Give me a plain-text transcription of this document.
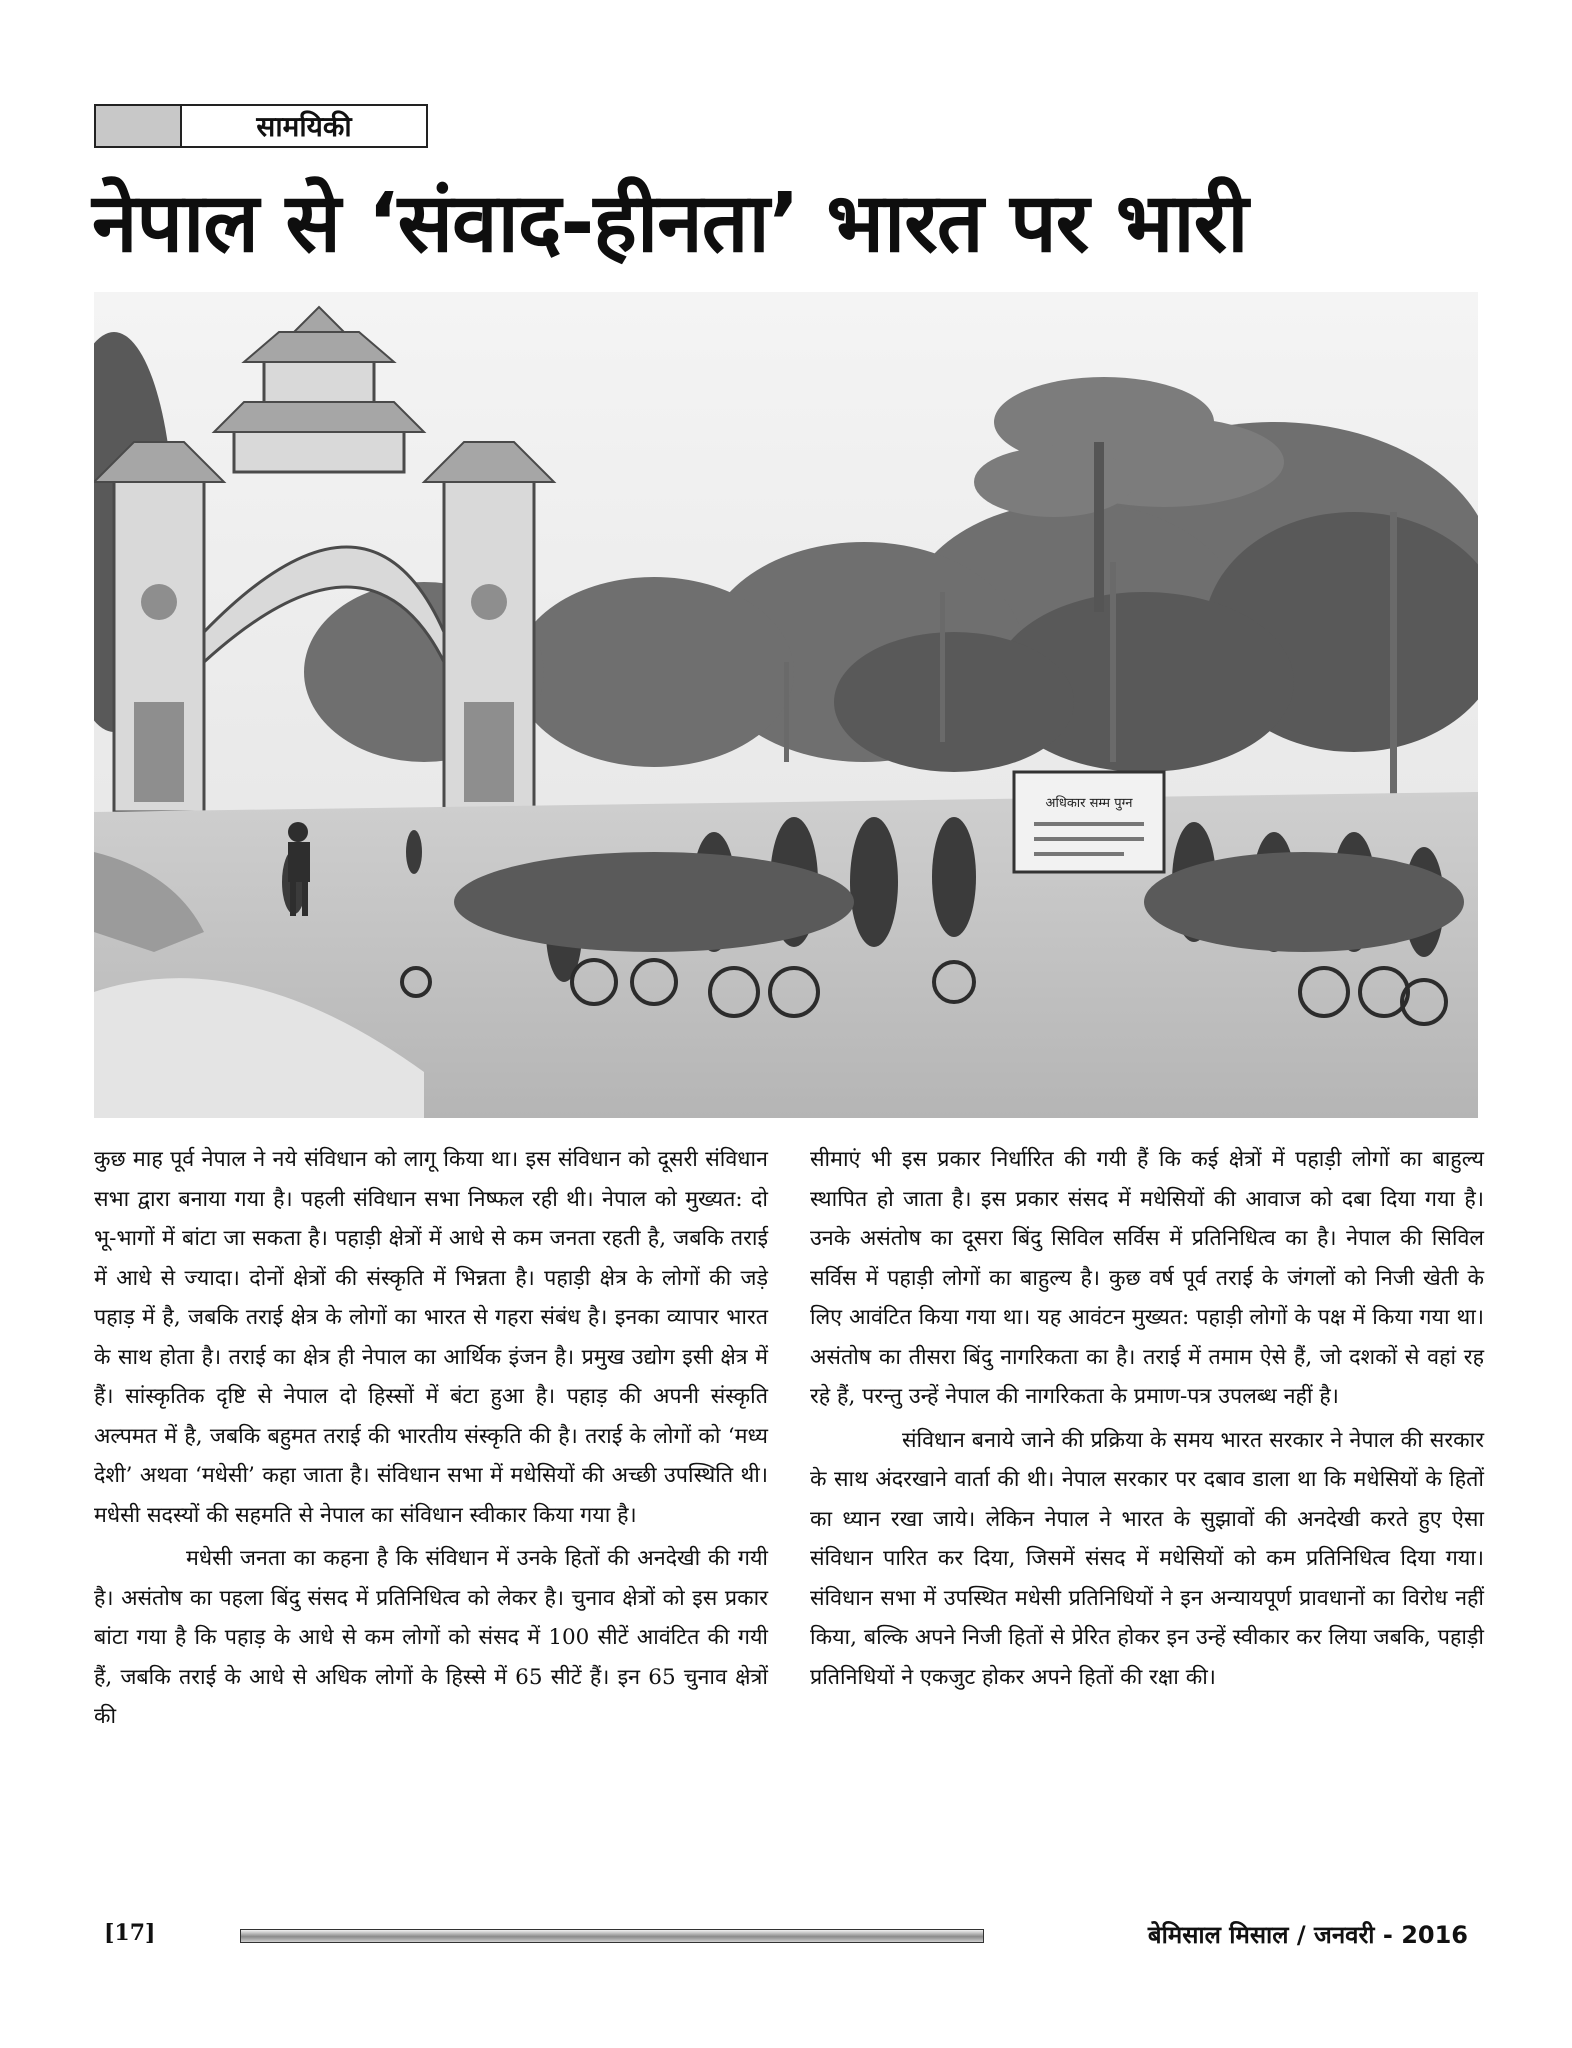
सामयिकी
नेपाल से ‘संवाद-हीनता’ भारत पर भारी
अधिकार सम्म पुग्न

कुछ माह पूर्व नेपाल ने नये संविधान को लागू किया था। इस संविधान को दूसरी संविधान सभा द्वारा बनाया गया है। पहली संविधान सभा निष्फल रही थी। नेपाल को मुख्यत: दो भू-भागों में बांटा जा सकता है। पहाड़ी क्षेत्रों में आधे से कम जनता रहती है, जबकि तराई में आधे से ज्यादा। दोनों क्षेत्रों की संस्कृति में भिन्नता है। पहाड़ी क्षेत्र के लोगों की जड़े पहाड़ में है, जबकि तराई क्षेत्र के लोगों का भारत से गहरा संबंध है। इनका व्यापार भारत के साथ होता है। तराई का क्षेत्र ही नेपाल का आर्थिक इंजन है। प्रमुख उद्योग इसी क्षेत्र में हैं। सांस्कृतिक दृष्टि से नेपाल दो हिस्सों में बंटा हुआ है। पहाड़ की अपनी संस्कृति अल्पमत में है, जबकि बहुमत तराई की भारतीय संस्कृति की है। तराई के लोगों को ‘मध्य देशी’ अथवा ‘मधेसी’ कहा जाता है। संविधान सभा में मधेसियों की अच्छी उपस्थिति थी। मधेसी सदस्यों की सहमति से नेपाल का संविधान स्वीकार किया गया है।

मधेसी जनता का कहना है कि संविधान में उनके हितों की अनदेखी की गयी है। असंतोष का पहला बिंदु संसद में प्रतिनिधित्व को लेकर है। चुनाव क्षेत्रों को इस प्रकार बांटा गया है कि पहाड़ के आधे से कम लोगों को संसद में 100 सीटें आवंटित की गयी हैं, जबकि तराई के आधे से अधिक लोगों के हिस्से में 65 सीटें हैं। इन 65 चुनाव क्षेत्रों की

सीमाएं भी इस प्रकार निर्धारित की गयी हैं कि कई क्षेत्रों में पहाड़ी लोगों का बाहुल्य स्थापित हो जाता है। इस प्रकार संसद में मधेसियों की आवाज को दबा दिया गया है। उनके असंतोष का दूसरा बिंदु सिविल सर्विस में प्रतिनिधित्व का है। नेपाल की सिविल सर्विस में पहाड़ी लोगों का बाहुल्य है। कुछ वर्ष पूर्व तराई के जंगलों को निजी खेती के लिए आवंटित किया गया था। यह आवंटन मुख्यत: पहाड़ी लोगों के पक्ष में किया गया था। असंतोष का तीसरा बिंदु नागरिकता का है। तराई में तमाम ऐसे हैं, जो दशकों से वहां रह रहे हैं, परन्तु उन्हें नेपाल की नागरिकता के प्रमाण-पत्र उपलब्ध नहीं है।

संविधान बनाये जाने की प्रक्रिया के समय भारत सरकार ने नेपाल की सरकार के साथ अंदरखाने वार्ता की थी। नेपाल सरकार पर दबाव डाला था कि मधेसियों के हितों का ध्यान रखा जाये। लेकिन नेपाल ने भारत के सुझावों की अनदेखी करते हुए ऐसा संविधान पारित कर दिया, जिसमें संसद में मधेसियों को कम प्रतिनिधित्व दिया गया। संविधान सभा में उपस्थित मधेसी प्रतिनिधियों ने इन अन्यायपूर्ण प्रावधानों का विरोध नहीं किया, बल्कि अपने निजी हितों से प्रेरित होकर इन उन्हें स्वीकार कर लिया जबकि, पहाड़ी प्रतिनिधियों ने एकजुट होकर अपने हितों की रक्षा की।

[17]	बेमिसाल मिसाल / जनवरी - 2016
